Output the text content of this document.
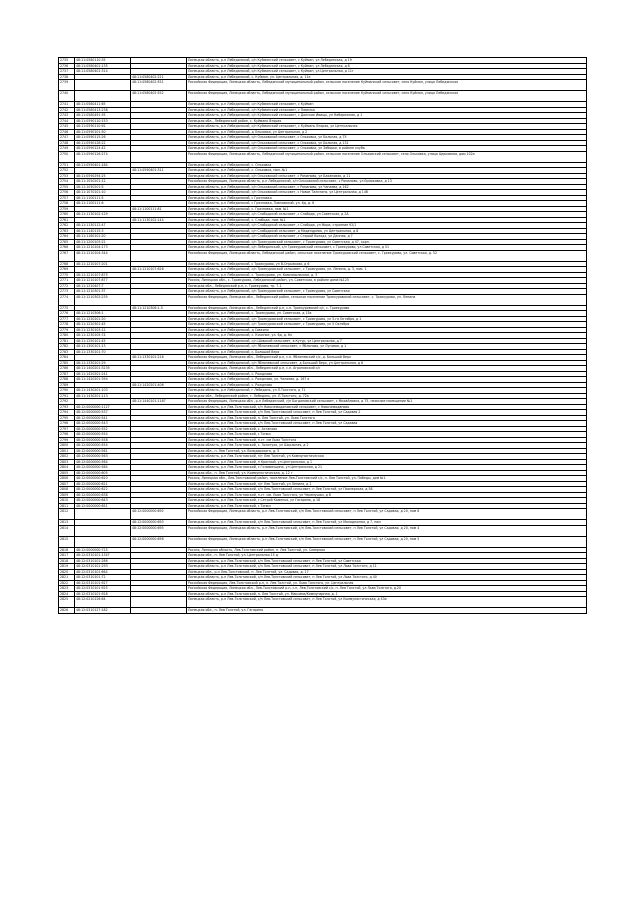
2735	48:11:0580110:35		Липецкая область, р-н Лебедянский, с/п Куйманский сельсовет, с Куйман, ул Лебедянская, д 19
2736	48:11:0580401:135		Липецкая область, р-н Лебедянский, с/п Куйманский сельсовет, с Куйман, ул Лебедянская, д 8
2737	48:11:0580401:314		Липецкая область, р-н Лебедянский, с/п Куйманский сельсовет, с Куйман, ул Центральная, д 11г
2738		48:11:0580402:221	Липецкая область, р-н Лебедянский, с. Куйман, ул. Центральная, д. 11е
2739		48:11:0580402:551	Российская Федерация, Липецкая область, Лебедянский муниципальный район, сельское поселение Куйманский сельсовет, село Куйман, улица Лебедянская
2740		48:11:0580402:552	Российская Федерация, Липецкая область, Лебедянский муниципальный район, сельское поселение Куйманский сельсовет, село Куйман, улица Лебедянская
2741	48:11:0580411:65		Липецкая область, р-н Лебедянский, с/п Куйманский сельсовет, с Куйман
2742	48:11:0580413:238		Липецкая область, р-н Лебедянский, с/п Куйманский сельсовет, с Павелка
2743	48:11:0580491:35		Липецкая область, р-н Лебедянский, с/п Куйманский сельсовет, с Донское Ивицы, ул Набережная, д 1
2744	48:11:0590110:153		Липецкая обл., Лебедянский район, с. Куймань Вторая
2745	48:11:0590110:92		Липецкая область, р-н Лебедянский, с/п Куйманский сельсовет, с Куймань Вторая, ул Центральная
2746	48:11:0590101:50		Липецкая область, р-н Лебедянский, д Ольховка, ул Центральная, д 2
2747	48:11:0590115:26		Липецкая область, р-н Лебедянский, с/п Ольховский сельсовет, с Ольховка, ул Больная, д 75
2748	48:11:0590128:22		Липецкая область, р-н Лебедянский, с/п Ольховский сельсовет, с Ольховка, ул Больная, д 131
2749	48:11:0590124:42		Липецкая область, р-н Лебедянский, с/п Ольховский сельсовет, с Ольховка, ул Заборье, в районе клуба
2750	48:11:0590126:274		Российская Федерация, Липецкая область, Лебедянский муниципальный район, сельское поселение Ольховский сельсовет, село Ольховка, улица Церковная, дом 102а
2751	48:11:0590401:184		Липецкая область, р-н Лебедянский, с. Ольховка
2752		48:11:0590401:311	Липецкая область, р-н Лебедянский, с. Ольховка, пом. №1
2753	48:11:0590294:25		Липецкая область, р-н Лебедянский, с/п Ольховский сельсовет, с Романово, ул Бахановая, д 11
2754	48:11:1050201:12		Российская Федерация, Липецкая область, р-н Лебедянский, с/п Ольховский сельсовет, с Романово, ул Ермаковка, д 13
2755	48:11:1050201:5		Липецкая область, р-н Лебедянский, с/п Ольховский сельсовет, с Романово, ул Чапаева, д 162
2756	48:11:1070101:10		Липецкая область, р-н Лебедянский, с/п Ольховский сельсовет, с Новое Талитино, ул Центральная, д 14б
2757	48:11:1100111:5		Липецкая область, р-н Лебедянский, с Грязновка
2758	48:11:1100111:6		Липецкая область, р-н Лебедянский, с Грязновка, Павловский, ул. 6д, д. 6
2759		48:11:1100111:81	Липецкая область, р-н Лебедянский, с. Грязновка, пом. №1
2760	48:11:1130102:129		Липецкая область, р-н Лебедянский, с/п Слободский сельсовет, с Слобода, ул Советская, д 2А
2761		48:11:1130102:144	Липецкая область, р-н Лебедянский, с. Слобода, пом. №1
2762	48:11:1130112:47		Липецкая область, р-н Лебедянский, с/п Слободский сельсовет, с Слобода, ул Мира, строение 92/1
2763	48:11:1140115:3		Липецкая область, р-н Лебедянский, с/п Слободский сельсовет, д Мадендрево, ул Центральная, д 8
2764	48:11:1160101:20		Липецкая область, р-н Лебедянский, с/п Слободский сельсовет, с Старый Колодз, ул Дачная, д 7
2765	48:11:1200103:22		Липецкая область, р-н Лебедянский, с/п Троекуровский сельсовет, с Троекурово, ул Советская, д 47, корп.
2766	48:11:1210104:173		Липецкая область, р-н Лебедянский, с/п Лебедянский, с/п Троекуровский сельсовет, с Троекурово, ул Советская, д 51
2767	48:11:1210104:344		Российская Федерация, Липецкая область, Лебедянский район, сельское поселение Троекуровский сельсовет, с. Троекурово, ул. Советская, д. 52
2768	48:11:1210107:201		Липецкая область, р-н Лебедянский, с Троекурово, ул В.Огрызкова, д 6
2769		48:11:1210107:626	Липецкая область, р-н Лебедянский, с/п Троекуровский сельсовет, с Троекурово, ул. Ленина, д. 3, пом. 1
2770	48:11:1210107:875		Липецкая область, р-н Лебедянский, с. Троекурово, ул. Комсомольская, д. 3
2771	48:11:1210107:877		Россия, Липецкая обл., с. Троекурово, Лебедянский район, ул. Советская, в районе дома №125
2772	48:11:1210407:7		Липецкая обл., Лебедянский р-н, с. Троекурово, тр. 7-1
2773	48:11:1210301:37		Липецкая область, р-н Лебедянский, с/п Троекуровский сельсовет, с Троекурово, ул Советская
2774	48:11:1210302:235		Российская Федерация, Липецкая обл., Лебедянский район, сельское поселение Троекуровский сельсовет, с. Троекурово, ул. Ленина
2775		48:11:1210306:1-5	Российская Федерация, Липецкая обл., Лебедянский р-н, с.п. Троекуровский с/с, с. Троекурово
2776	48:11:1210306:1		Липецкая область, р-н Лебедянский, с. Троекурово, ул. Советская, д 15а
2777	48:11:1220201:20		Липецкая область, р-н Лебедянский, с/п Троекуровский сельсовет, с Троекурово, ул 5-го Октября, д 1
2778	48:11:1220301:45		Липецкая область, р-н Лебедянский, с/п Троекуровский сельсовет, с Троекурово, ул 5 Октября
2779	48:11:1230103:12		Липецкая область, р-н Лебедянский, д Савкино
2780	48:11:1230105:74		Липецкая область, р-н Лебедянский, с. Кочиное, ул. 6д, д. 6л
2781	48:11:1250101:45		Липецкая область, р-н Лебедянский, с/п Шовский сельсовет, в Кутур, ул Центральная, д 7
2782	48:11:1300101:13		Липецкая область, р-н Лебедянский, с/п Яблоневский сельсовет, с Яблоново, ул Луговая, д 1
2783	48:11:1330101:70		Липецкая область, р-н Лебедянский, с. Большой Верх
2784		48:11:1330101:216	Российская Федерация, Липецкая обл., Лебедянский р-н, с.п. Яблоневский с/с, д. Большой Верх
2785	48:11:1330201:29		Липецкая область, р-н Лебедянский, с/п Яблоневский сельсовет, д Большой Верх, ул Центральная, д 6
2786	48:11:1400201:3235		Российская Федерация, Липецкая обл., Лебедянский р-н, с.п. Агроновский с/с
2787	48:11:1420201:241		Липецкая область, р-н Лебедянский, с. Рождново
2788	48:11:1420201:394		Липецкая область, р-н Лебедянский, с. Рождново, ул. Чапаева, д. 167 а
2789		48:11:1420201:406	Липецкая область, р-н Лебедянский, с. Рождново
2790	48:11:1430201:103		Липецкая область, р-н Лебедянский, г Лебедянь, ул Л.Толстого, д 71
2791	48:11:1430201:113		Липецкая обл., Лебедянский район, г. Лебедянь, ул. Л.Толстого, д. 72а
2792		48:11:1440101:1167	Российская Федерация, Липецкая обл., р-н Лебедянский, с/п Богдановский сельсовет, с Михайловка, д 75, нежилое помещение №1
2793	48:12:0000000:1127		Липецкая область, р-н Лев-Толстовский, с/п Новочемодановский сельсовет, с Новочемоданово
2794	48:12:0000000:537		Липецкая область, р-н Лев-Толстовский, с/п Лев-Толстовский сельсовет, п Лев Толстой, ул Садовая 2
2795	48:12:0000000:541		Липецкая область, р-н Лев-Толстовский, п. Лев Толстой, ул. Льва Толстого
2796	48:12:0000000:543		Липецкая область, р-н Лев-Толстовский, с/п Лев-Толстовский сельсовет, п Лев Толстой, ул Садовая
2797	48:12:0000000:552		Липецкая область, р-н Лев-Толстовский, с. Астапово
2798	48:12:0000000:554		Липецкая область, р-н Лев-Толстовский, с Топки
2799	48:12:0000000:558		Липецкая область, р-н Лев-Толстовский, п.ст. им Льва Толстого
2800	48:12:0000000:554		Липецкая область, р-н Лев-Толстовский, с. Золотуха, ул Школьная, д 2
2801	48:12:0000000:561		Липецкая обл., п. Лев Толстой, ул. Володарского, д. 5
2802	48:12:0000000:563		Липецкая область, р-н Лев-Толстовский, п/т Лев Толстой, ул Коммунистическая
2803	48:12:0000000:564		Липецкая область, р-н Лев-Толстовский, п Красный, ул Центральная, д 1
2804	48:12:0000000:584		Липецкая область, р-н Лев-Толстовский, с Головинщина, ул Центральная, д 21
2805	48:12:0000000:605		Липецкая обл., п. Лев Толстой, ул. Коммунистическая, д. 12 г
2806	48:12:0000000:620		Россия, Липецкая обл., Лев-Толстовский район, поселение Лев-Толстовский с/с, п. Лев Толстой, ул. Победы, дом №1
2807	48:12:0000000:621		Липецкая область, р-н Лев-Толстовский, п/т Лев Толстой, ул Ленина, д 1
2808	48:12:0000000:622		Липецкая область, р-н Лев-Толстовский, с/п Лев-Толстовский сельсовет, п Лев Толстой, ул Пионерская, д 58
2809	48:12:0000000:638		Липецкая область, р-н Лев-Толстовский, п.ст. им. Льва Толстого, ул Черемушки, д 8
2810	48:12:0000000:643		Липецкая область, р-н Лев-Толстовский, с Сетрой Каменья, ул Гагарина, д 18
2811	48:12:0000000:651		Липецкая область, р-н Лев-Толстовский, с Топки
2812		48:12:0000000:692	Российская Федерация, Липецкая область, р-н Лев-Толстовский, с/п Лев-Толстовский сельсовет, п Лев Толстой, ул Садовая, д 20, пом 6
2813		48:12:0000000:693	Липецкая область, р-н Лев-Толстовский, с/п Лев-Толстовский сельсовет, п Лев Толстой, ул Молодежная, д 7, пом
2814		48:12:0000000:695	Российская Федерация, Липецкая область, р-н Лев-Толстовский, с/п Лев-Толстовский сельсовет, п Лев Толстой, ул Садовая, д 20, пом 4
2815		48:12:0000000:696	Российская Федерация, Липецкая область, р-н Лев-Толстовский, с/п Лев-Толстовский сельсовет, п Лев Толстой, ул Садовая, д 20, пом 5
2816	48:12:0000000:725		Россия, Липецкая область, Лев-Толстовский район, п. Лев Толстой, ул. Северная
2817	48:12:0310101:1347		Липецкая обл., п. Лев Толстой, ул. Центральная 15 д
2818	48:12:0310101:286		Липецкая область, р-н Лев-Толстовский, с/п Лев-Толстовский сельсовет, п Лев Толстой, ул Советская
2819	48:12:0310101:293		Липецкая область, р-н Лев-Толстовский, с/п Лев-Толстовский сельсовет, п Лев Толстой, ул Льва Толстого, д 11
2820	48:12:0310101:664		Липецкая обл., р-н Лев-Толстовский, п. Лев Толстой, ул. Садовая, д. 17
2821	48:12:0310101:72		Липецкая область, р-н Лев-Толстовский, с/п Лев-Толстовский сельсовет, п Лев Толстой, ул Льва Толстого, д 40
2822	48:12:0310101:927		Российская Федерация, Лев-Толстовский р-н, п. Лев Толстой, ул. Льва Толстого, ул. Центральная
2823	48:12:0310101:925		Российская Федерация, Липецкая обл., Лев-Толстовский р-н, с.п. Лев-Толстовский с/с, п. Лев Толстой, ул Льва Толстого, д.20
2824	48:12:0310101:928		Липецкая область, р-н Лев-Толстовский, п. Лев Толстой, ул. Максима/Коммунарная, д. 1
2825	48:12:0210126:64		Липецкая область, р-н Лев-Толстовский, с/п Лев-Толстовский сельсовет, п Лев Толстой, ул Коммунистическая, д 43а
2826	48:12:0310127:182		Липецкая обл., п. Лев Толстой, ул. Гагарина
